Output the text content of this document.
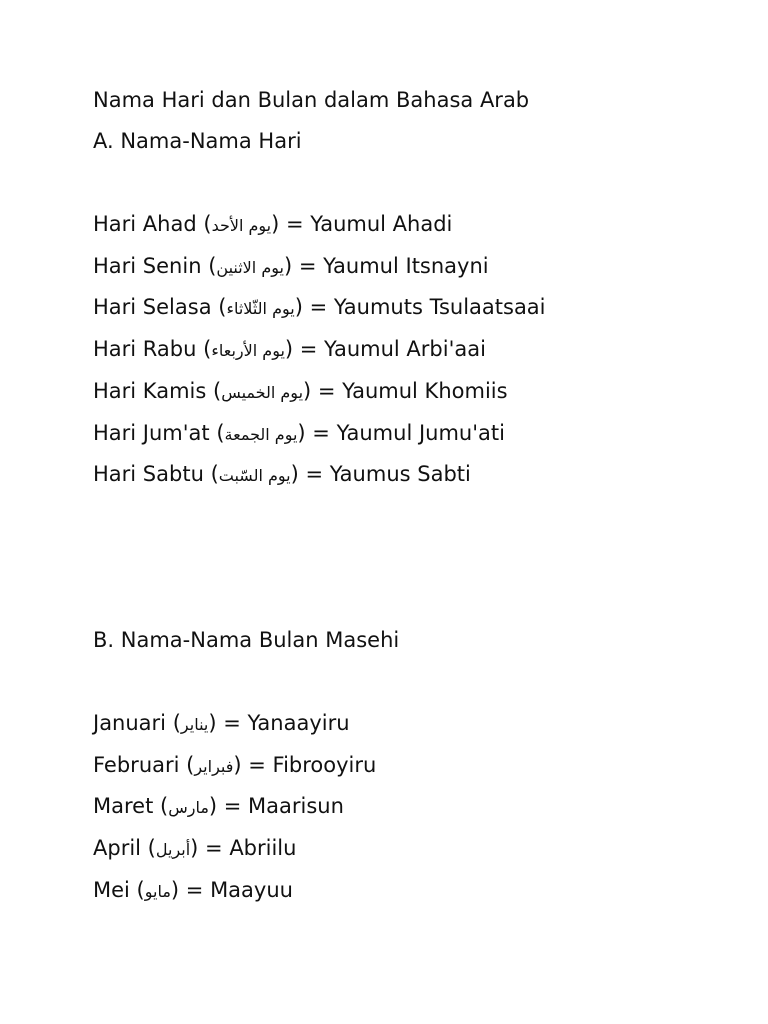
Nama Hari dan Bulan dalam Bahasa Arab
A. Nama-Nama Hari
Hari Ahad (يوم الأحد) = Yaumul Ahadi
Hari Senin (يوم الاثنين) = Yaumul Itsnayni
Hari Selasa (يوم الثّلاثاء) = Yaumuts Tsulaatsaai
Hari Rabu (يوم الأربعاء) = Yaumul Arbi'aai
Hari Kamis (يوم الخميس) = Yaumul Khomiis
Hari Jum'at (يوم الجمعة) = Yaumul Jumu'ati
Hari Sabtu (يوم السّبت) = Yaumus Sabti
B. Nama-Nama Bulan Masehi
Januari (يناير) = Yanaayiru
Februari (فبراير) = Fibrooyiru
Maret (مارس) = Maarisun
April (أبريل) = Abriilu
Mei (مايو) = Maayuu
